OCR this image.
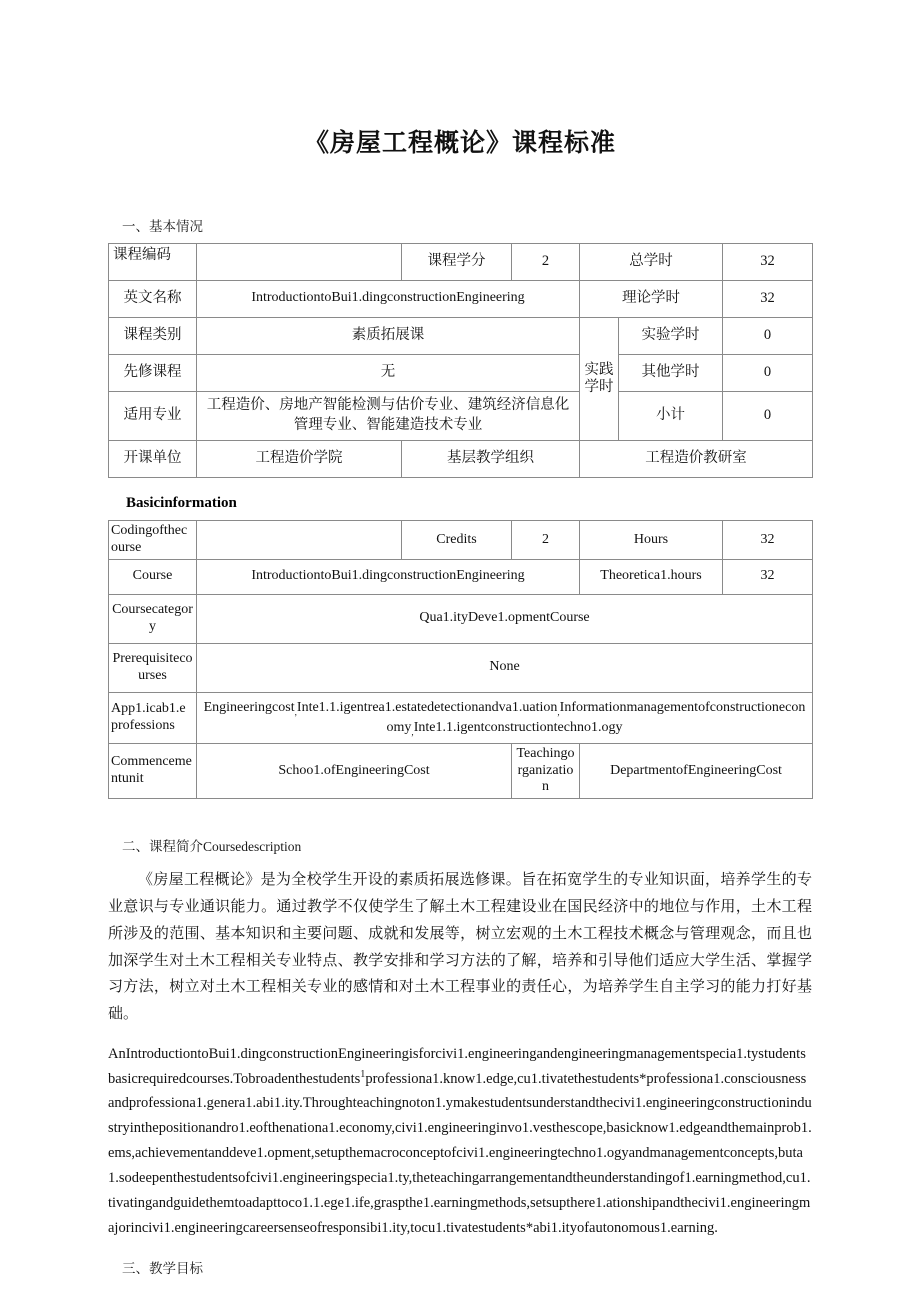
《房屋工程概论》课程标准
一、基本情况
课程编码		课程学分	2	总学时		32
英文名称	IntroductiontoBui1.dingconstructionEngineering			理论学时		32
课程类别	素质拓展课			实践学时	实验学时	0
先修课程	无				其他学时	0
适用专业	工程造价、房地产智能检测与估价专业、建筑经济信息化管理专业、智能建造技术专业				小计	0
开课单位	工程造价学院	基层教学组织		工程造价教研室		
Basicinformation
Codingofthecourse		Credits	2	Hours	32
Course	IntroductiontoBui1.dingconstructionEngineering			Theoretica1.hours	32
Coursecategory	Qua1.ityDeve1.opmentCourse				
Prerequisitecourses	None				
App1.icab1.e professions	Engineeringcost$_,$Inte1.1.igentrea1.estatedetectionandva1.uation$_,$Informationmanagementofconstructioneconomy$_,$Inte1.1.igentconstructiontechno1.ogy				
Commencementunit	Schoo1.ofEngineeringCost		Teachingorganization	DepartmentofEngineeringCost	
二、课程简介Coursedescription

《房屋工程概论》是为全校学生开设的素质拓展选修课。旨在拓宽学生的专业知识面，培养学生的专业意识与专业通识能力。通过教学不仅使学生了解土木工程建设业在国民经济中的地位与作用，土木工程所涉及的范围、基本知识和主要问题、成就和发展等，树立宏观的土木工程技术概念与管理观念，而且也加深学生对土木工程相关专业特点、教学安排和学习方法的了解，培养和引导他们适应大学生活、掌握学习方法，树立对土木工程相关专业的感情和对土木工程事业的责任心，为培养学生自主学习的能力打好基础。

AnIntroductiontoBui1.dingconstructionEngineeringisforcivi1.engineeringandengineeringmanagementspecia1.tystudentsbasicrequiredcourses.Tobroadenthestudents$^1$professiona1.know1.edge,cu1.tivatethestudents*professiona1.consciousnessandprofessiona1.genera1.abi1.ity.Throughteachingnoton1.ymakestudentsunderstandthecivi1.engineeringconstructionindustryinthepositionandro1.eofthenationa1.economy,civi1.engineeringinvo1.vesthescope,basicknow1.edgeandthemainprob1.ems,achievementanddeve1.opment,setupthemacroconceptofcivi1.engineeringtechno1.ogyandmanagementconcepts,buta1.sodeepenthestudentsofcivi1.engineeringspecia1.ty,theteachingarrangementandtheunderstandingof1.earningmethod,cu1.tivatingandguidethemtoadapttoco1.1.ege1.ife,graspthe1.earningmethods,setsuptherе1.ationshipandthecivi1.engineeringmajorincivi1.engineeringcareersenseofresponsibi1.ity,tocu1.tivatestudents*abi1.ityofautonomous1.earning.

三、教学目标
